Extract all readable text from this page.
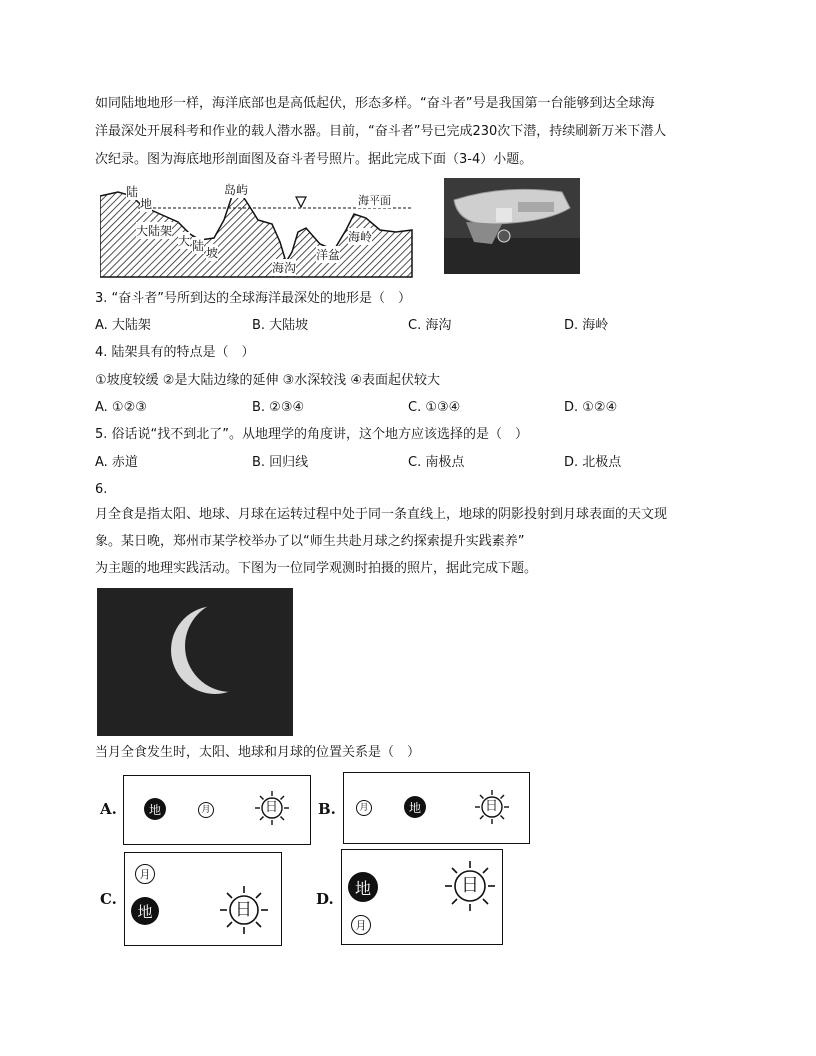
如同陆地地形一样，海洋底部也是高低起伏，形态多样。“奋斗者”号是我国第一台能够到达全球海
洋最深处开展科考和作业的载人潜水器。目前，“奋斗者”号已完成230次下潜，持续刷新万米下潜人
次纪录。图为海底地形剖面图及奋斗者号照片。据此完成下面（3-4）小题。
陆
地
岛屿
海平面
大陆架
大 陆 坡
海沟
洋盆
海岭
3. “奋斗者”号所到达的全球海洋最深处的地形是（　）
A. 大陆架	B. 大陆坡	C. 海沟	D. 海岭
4. 陆架具有的特点是（　）
①坡度较缓 ②是大陆边缘的延伸 ③水深较浅 ④表面起伏较大
A. ①②③	B. ②③④	C. ①③④	D. ①②④
5. 俗话说“找不到北了”。从地理学的角度讲，这个地方应该选择的是（　）
A. 赤道	B. 回归线	C. 南极点	D. 北极点
6.
月全食是指太阳、地球、月球在运转过程中处于同一条直线上，地球的阴影投射到月球表面的天文现
象。某日晚，郑州市某学校举办了以“师生共赴月球之约探索提升实践素养”
为主题的地理实践活动。下图为一位同学观测时拍摄的照片，据此完成下题。
当月全食发生时，太阳、地球和月球的位置关系是（　）
A.	地	月	日	B.	月	地	日
C.
月
地	日
D.
地
月
日
